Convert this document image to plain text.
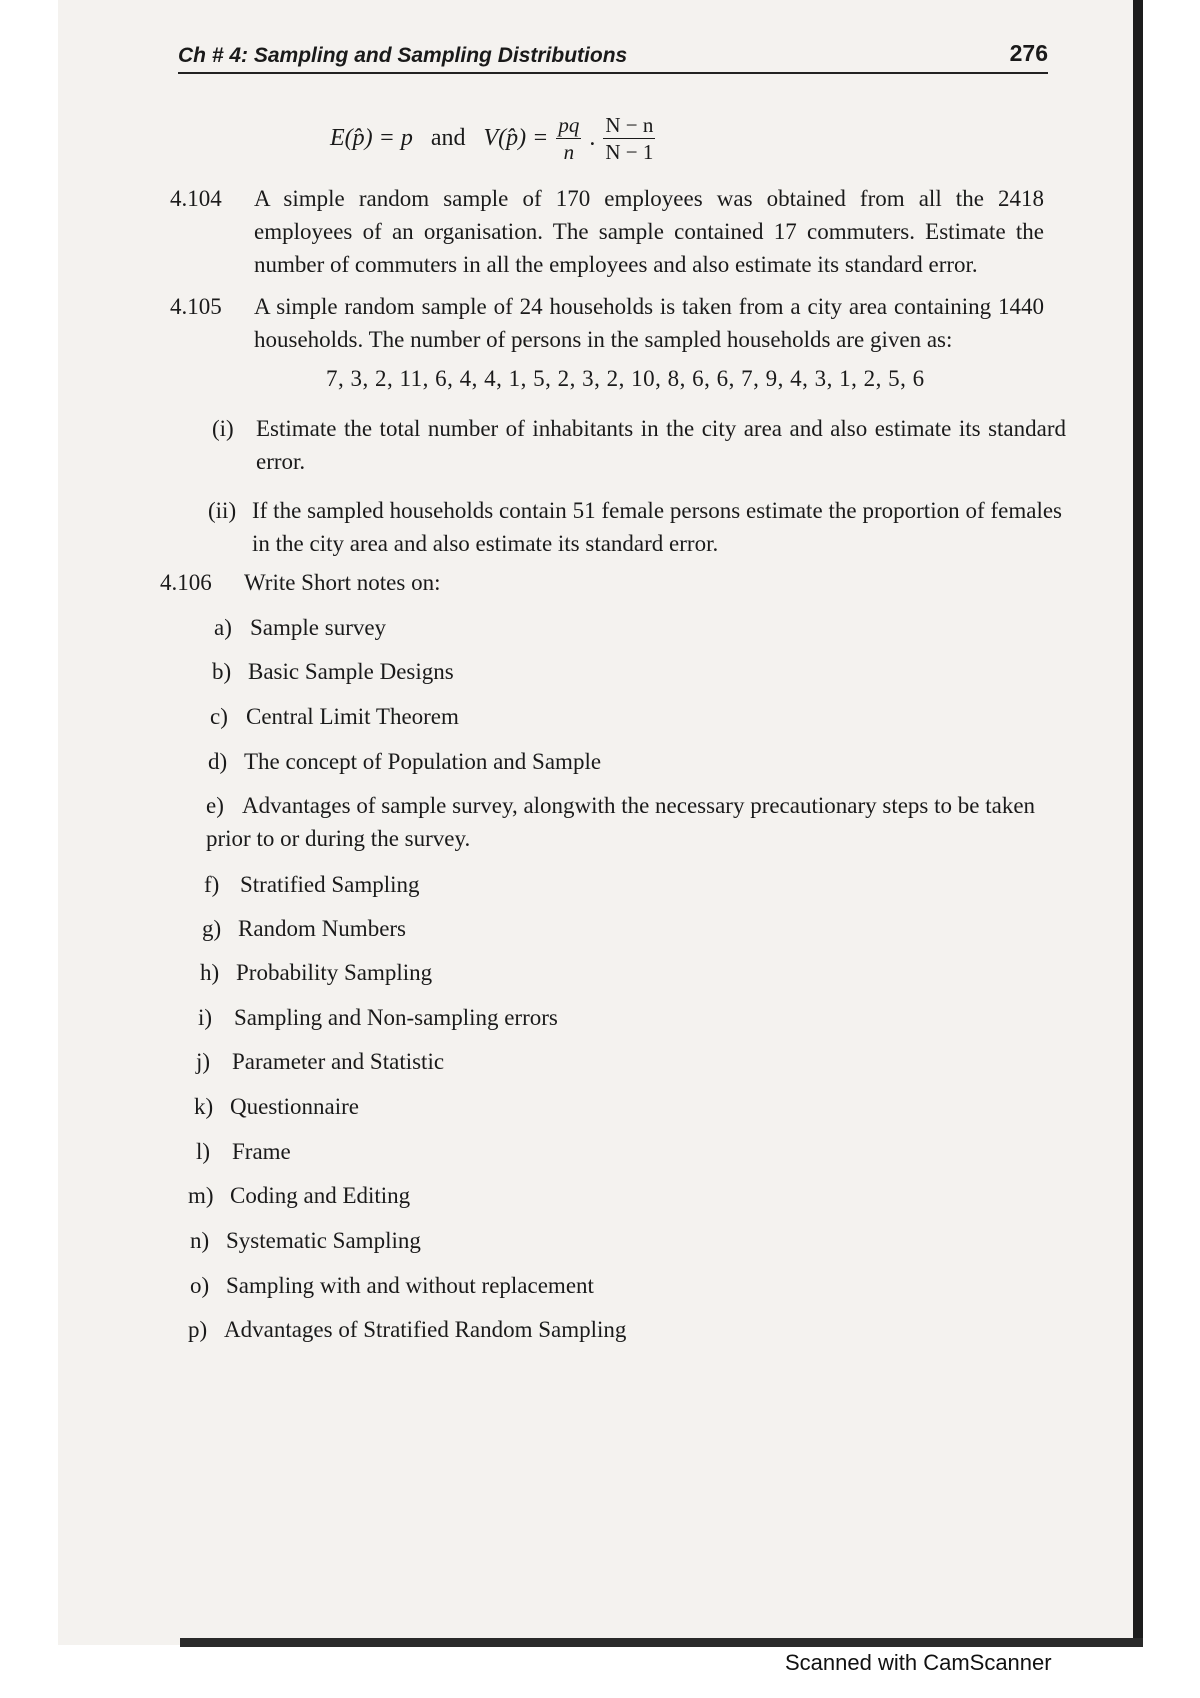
Ch # 4: Sampling and Sampling Distributions	276
E(p̂) = p and V(p̂) = $\frac{pq}{n}$ . $\frac{N - n}{N - 1}$
4.104 A simple random sample of 170 employees was obtained from all the 2418 employees of an organisation. The sample contained 17 commuters. Estimate the number of commuters in all the employees and also estimate its standard error.
4.105 A simple random sample of 24 households is taken from a city area containing 1440 households. The number of persons in the sampled households are given as:
7, 3, 2, 11, 6, 4, 4, 1, 5, 2, 3, 2, 10, 8, 6, 6, 7, 9, 4, 3, 1, 2, 5, 6
(i) Estimate the total number of inhabitants in the city area and also estimate its standard error.
(ii) If the sampled households contain 51 female persons estimate the proportion of females in the city area and also estimate its standard error.
4.106 Write Short notes on:
a) Sample survey
b) Basic Sample Designs
c) Central Limit Theorem
d) The concept of Population and Sample
e) Advantages of sample survey, alongwith the necessary precautionary steps to be taken prior to or during the survey.
f) Stratified Sampling
g) Random Numbers
h) Probability Sampling
i) Sampling and Non-sampling errors
j) Parameter and Statistic
k) Questionnaire
l) Frame
m) Coding and Editing
n) Systematic Sampling
o) Sampling with and without replacement
p) Advantages of Stratified Random Sampling
Scanned with CamScanner
